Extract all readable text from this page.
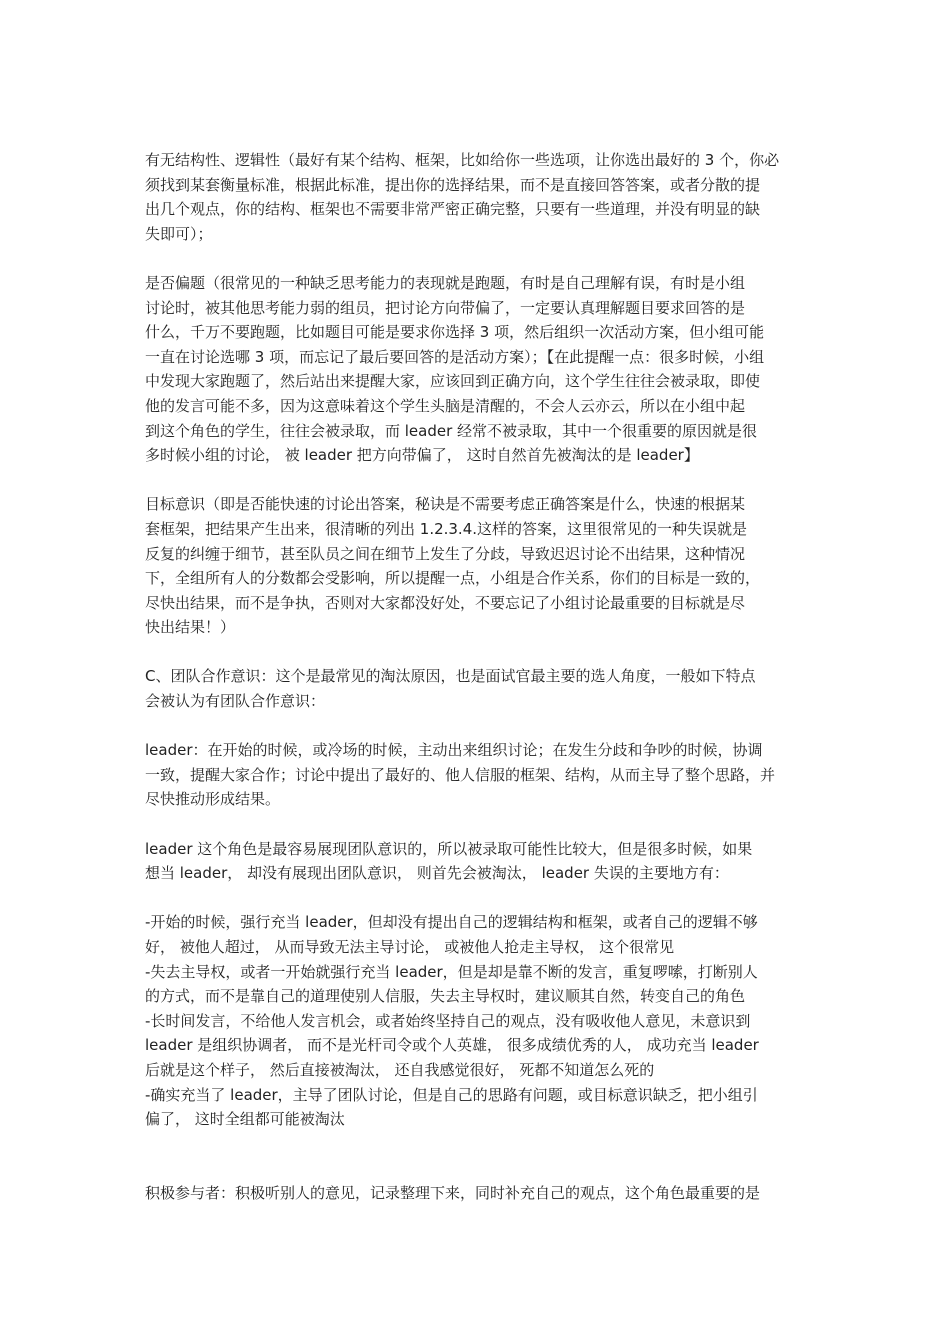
有无结构性、逻辑性（最好有某个结构、框架，比如给你一些选项，让你选出最好的 3 个，你必
须找到某套衡量标准，根据此标准，提出你的选择结果，而不是直接回答答案，或者分散的提
出几个观点，你的结构、框架也不需要非常严密正确完整，只要有一些道理，并没有明显的缺
失即可）；

是否偏题（很常见的一种缺乏思考能力的表现就是跑题，有时是自己理解有误，有时是小组
讨论时，被其他思考能力弱的组员，把讨论方向带偏了，一定要认真理解题目要求回答的是
什么，千万不要跑题，比如题目可能是要求你选择 3 项，然后组织一次活动方案，但小组可能
一直在讨论选哪 3 项，而忘记了最后要回答的是活动方案）；【在此提醒一点：很多时候，小组
中发现大家跑题了，然后站出来提醒大家，应该回到正确方向，这个学生往往会被录取，即使
他的发言可能不多，因为这意味着这个学生头脑是清醒的，不会人云亦云，所以在小组中起
到这个角色的学生，往往会被录取，而 leader 经常不被录取，其中一个很重要的原因就是很
多时候小组的讨论， 被 leader 把方向带偏了， 这时自然首先被淘汰的是 leader】

目标意识（即是否能快速的讨论出答案，秘诀是不需要考虑正确答案是什么，快速的根据某
套框架，把结果产生出来，很清晰的列出 1.2.3.4.这样的答案，这里很常见的一种失误就是
反复的纠缠于细节，甚至队员之间在细节上发生了分歧，导致迟迟讨论不出结果，这种情况
下，全组所有人的分数都会受影响，所以提醒一点，小组是合作关系，你们的目标是一致的，
尽快出结果，而不是争执，否则对大家都没好处，不要忘记了小组讨论最重要的目标就是尽
快出结果！）

C、团队合作意识：这个是最常见的淘汰原因，也是面试官最主要的选人角度，一般如下特点
会被认为有团队合作意识：

leader：在开始的时候，或冷场的时候，主动出来组织讨论；在发生分歧和争吵的时候，协调
一致，提醒大家合作；讨论中提出了最好的、他人信服的框架、结构，从而主导了整个思路，并
尽快推动形成结果。

leader 这个角色是最容易展现团队意识的，所以被录取可能性比较大，但是很多时候，如果
想当 leader， 却没有展现出团队意识， 则首先会被淘汰， leader 失误的主要地方有：

-开始的时候，强行充当 leader，但却没有提出自己的逻辑结构和框架，或者自己的逻辑不够
好， 被他人超过， 从而导致无法主导讨论， 或被他人抢走主导权， 这个很常见
-失去主导权，或者一开始就强行充当 leader，但是却是靠不断的发言，重复啰嗦，打断别人
的方式，而不是靠自己的道理使别人信服，失去主导权时，建议顺其自然，转变自己的角色
-长时间发言，不给他人发言机会，或者始终坚持自己的观点，没有吸收他人意见，未意识到
leader 是组织协调者， 而不是光杆司令或个人英雄， 很多成绩优秀的人， 成功充当 leader
后就是这个样子， 然后直接被淘汰， 还自我感觉很好， 死都不知道怎么死的
-确实充当了 leader，主导了团队讨论，但是自己的思路有问题，或目标意识缺乏，把小组引
偏了， 这时全组都可能被淘汰

积极参与者：积极听别人的意见，记录整理下来，同时补充自己的观点，这个角色最重要的是
